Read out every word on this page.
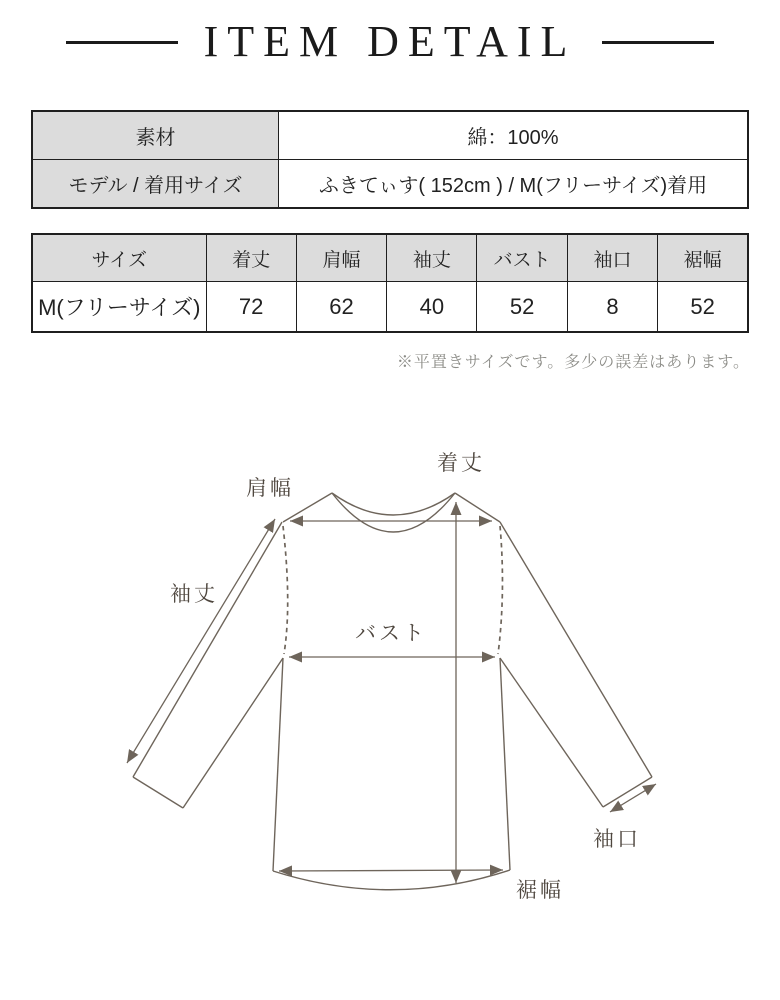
ITEM DETAIL
素材	綿：100%
モデル / 着用サイズ	ふきてぃす( 152cm ) / M(フリーサイズ)着用
サイズ	着丈	肩幅	袖丈	バスト	袖口	裾幅
M(フリーサイズ)	72	62	40	52	8	52
※平置きサイズです。多少の誤差はあります。
肩幅
着丈
袖丈
バスト
袖口
裾幅
